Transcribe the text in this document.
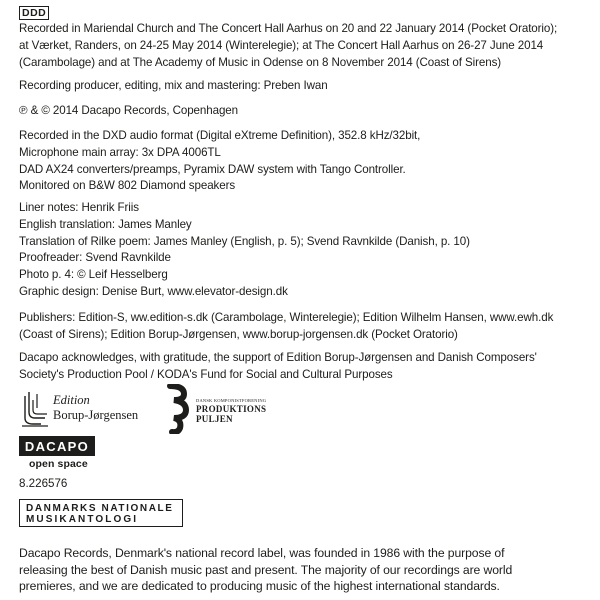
DDD
Recorded in Mariendal Church and The Concert Hall Aarhus on 20 and 22 January 2014 (Pocket Oratorio);
at Værket, Randers, on 24-25 May 2014 (Winterelegie); at The Concert Hall Aarhus on 26-27 June 2014
(Carambolage) and at The Academy of Music in Odense on 8 November 2014 (Coast of Sirens)
Recording producer, editing, mix and mastering: Preben Iwan
℗ & © 2014 Dacapo Records, Copenhagen
Recorded in the DXD audio format (Digital eXtreme Definition), 352.8 kHz/32bit,
Microphone main array: 3x DPA 4006TL
DAD AX24 converters/preamps, Pyramix DAW system with Tango Controller.
Monitored on B&W 802 Diamond speakers
Liner notes: Henrik Friis
English translation: James Manley
Translation of Rilke poem: James Manley (English, p. 5); Svend Ravnkilde (Danish, p. 10)
Proofreader: Svend Ravnkilde
Photo p. 4: © Leif Hesselberg
Graphic design: Denise Burt, www.elevator-design.dk
Publishers: Edition-S, ww.edition-s.dk (Carambolage, Winterelegie); Edition Wilhelm Hansen, www.ewh.dk
(Coast of Sirens); Edition Borup-Jørgensen, www.borup-jorgensen.dk (Pocket Oratorio)
Dacapo acknowledges, with gratitude, the support of Edition Borup-Jørgensen and Danish Composers'
Society's Production Pool / KODA's Fund for Social and Cultural Purposes
Edition
Borup-Jørgensen
DANSK KOMPONISTFORENING
PRODUKTIONS
PULJEN
DACAPO
open space
8.226576
DANMARKS NATIONALE
MUSIKANTOLOGI
Dacapo Records, Denmark's national record label, was founded in 1986 with the purpose of
releasing the best of Danish music past and present. The majority of our recordings are world
premieres, and we are dedicated to producing music of the highest international standards.
